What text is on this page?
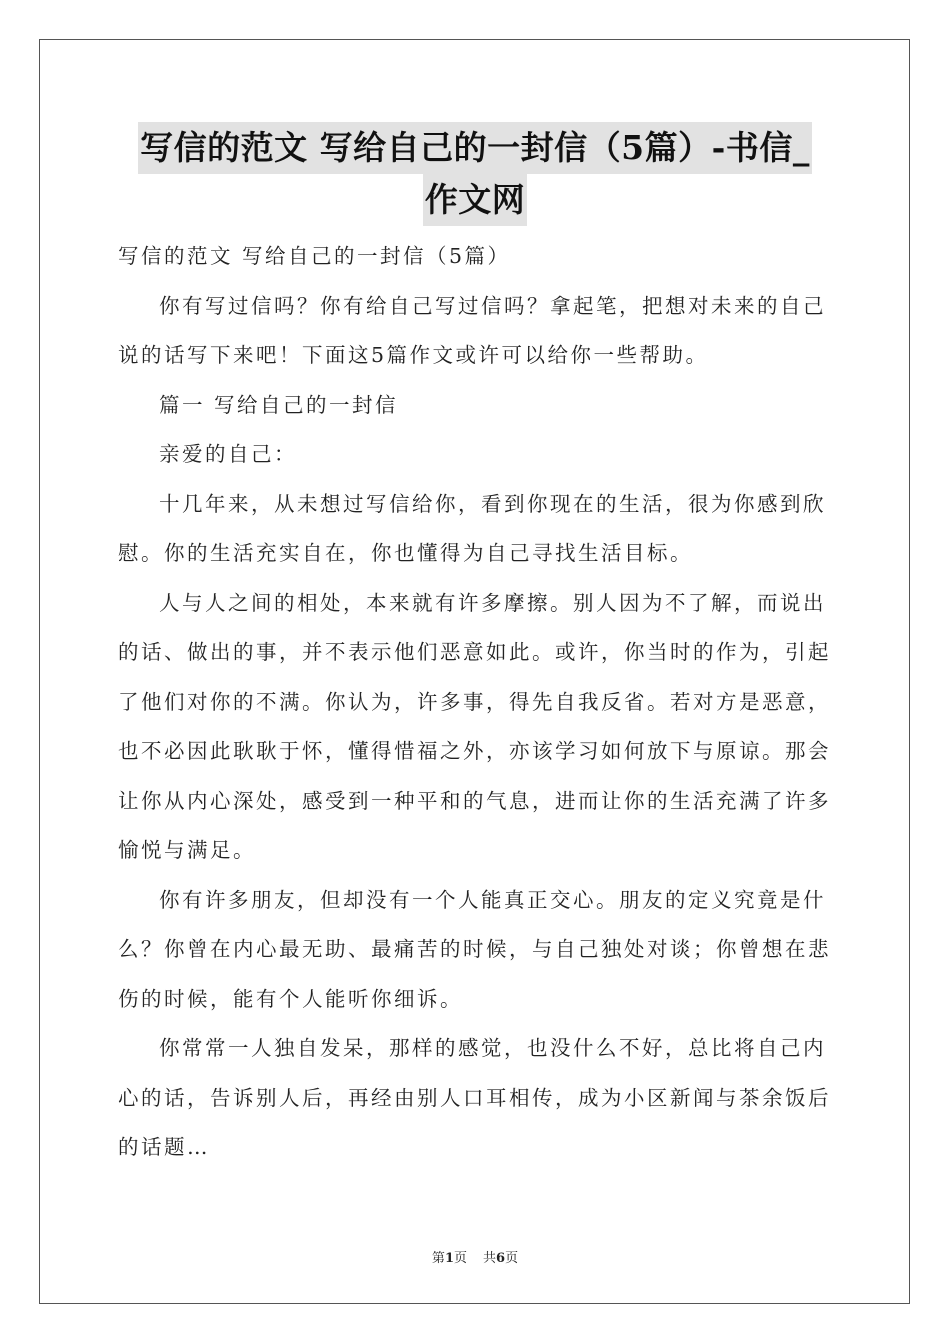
写信的范文 写给自己的一封信（5篇）-书信_
作文网

写信的范文 写给自己的一封信（5篇）

你有写过信吗？你有给自己写过信吗？拿起笔，把想对未来的自己说的话写下来吧！下面这5篇作文或许可以给你一些帮助。

篇一 写给自己的一封信

亲爱的自己：

十几年来，从未想过写信给你，看到你现在的生活，很为你感到欣慰。你的生活充实自在，你也懂得为自己寻找生活目标。

人与人之间的相处，本来就有许多摩擦。别人因为不了解，而说出的话、做出的事，并不表示他们恶意如此。或许，你当时的作为，引起了他们对你的不满。你认为，许多事，得先自我反省。若对方是恶意，也不必因此耿耿于怀，懂得惜福之外，亦该学习如何放下与原谅。那会让你从内心深处，感受到一种平和的气息，进而让你的生活充满了许多愉悦与满足。

你有许多朋友，但却没有一个人能真正交心。朋友的定义究竟是什么？你曾在内心最无助、最痛苦的时候，与自己独处对谈；你曾想在悲伤的时候，能有个人能听你细诉。

你常常一人独自发呆，那样的感觉，也没什么不好，总比将自己内心的话，告诉别人后，再经由别人口耳相传，成为小区新闻与茶余饭后的话题…

第1页 共6页
